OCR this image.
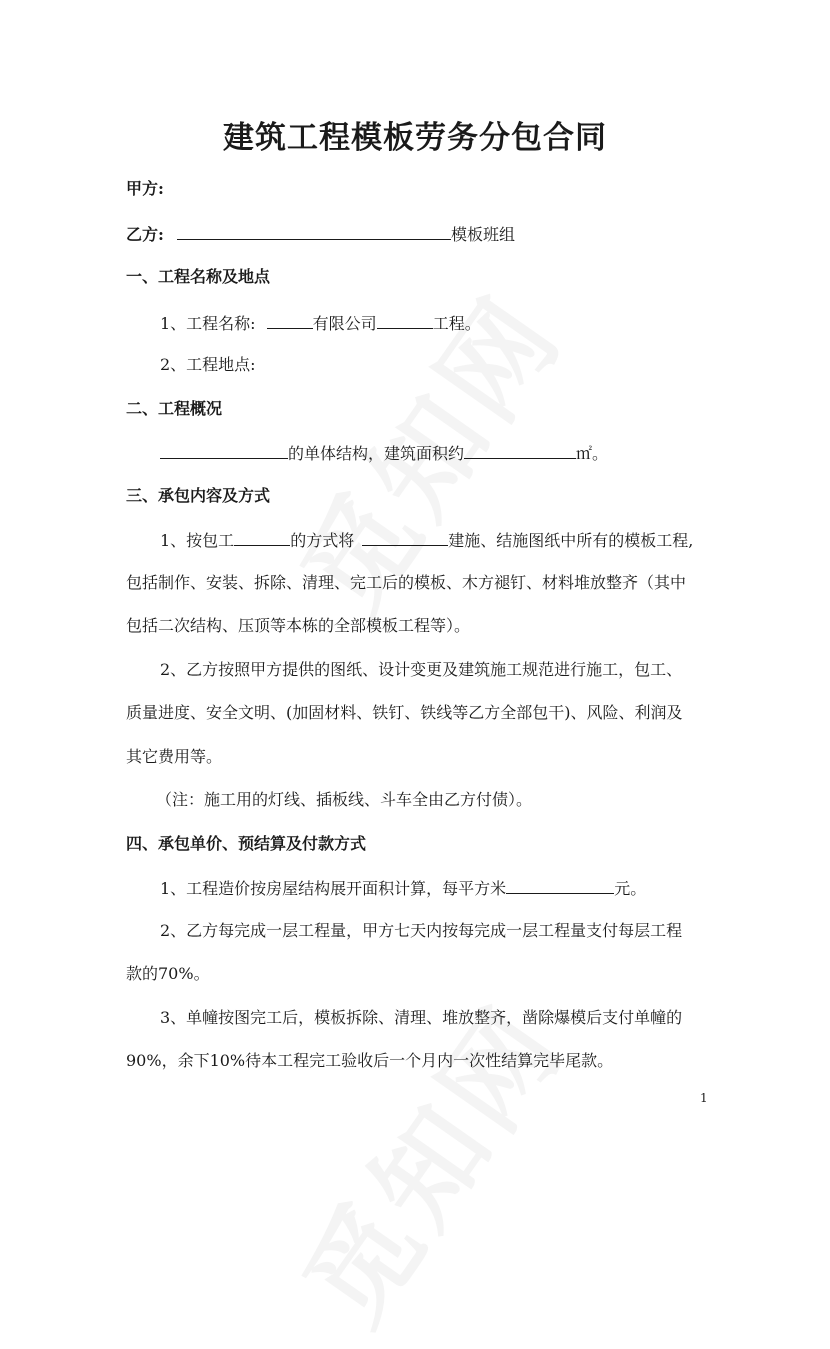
建筑工程模板劳务分包合同
甲方:
乙方:	模板班组
一、工程名称及地点
1、工程名称:	有限公司	工程。
2、工程地点:
二、工程概况
的单体结构，建筑面积约	㎡。
三、承包内容及方式
1、按包工	的方式将	建施、结施图纸中所有的模板工程,
包括制作、安装、拆除、清理、完工后的模板、木方褪钉、材料堆放整齐（其中
包括二次结构、压顶等本栋的全部模板工程等）。
2、乙方按照甲方提供的图纸、设计变更及建筑施工规范进行施工，包工、
质量进度、安全文明、(加固材料、铁钉、铁线等乙方全部包干)、风险、利润及
其它费用等。
（注：施工用的灯线、插板线、斗车全由乙方付债）。
四、承包单价、预结算及付款方式
1、工程造价按房屋结构展开面积计算，每平方米	元。
2、乙方每完成一层工程量，甲方七天内按每完成一层工程量支付每层工程
款的70%。
3、单幢按图完工后，模板拆除、清理、堆放整齐，凿除爆模后支付单幢的
90%，余下10%待本工程完工验收后一个月内一次性结算完毕尾款。
1
